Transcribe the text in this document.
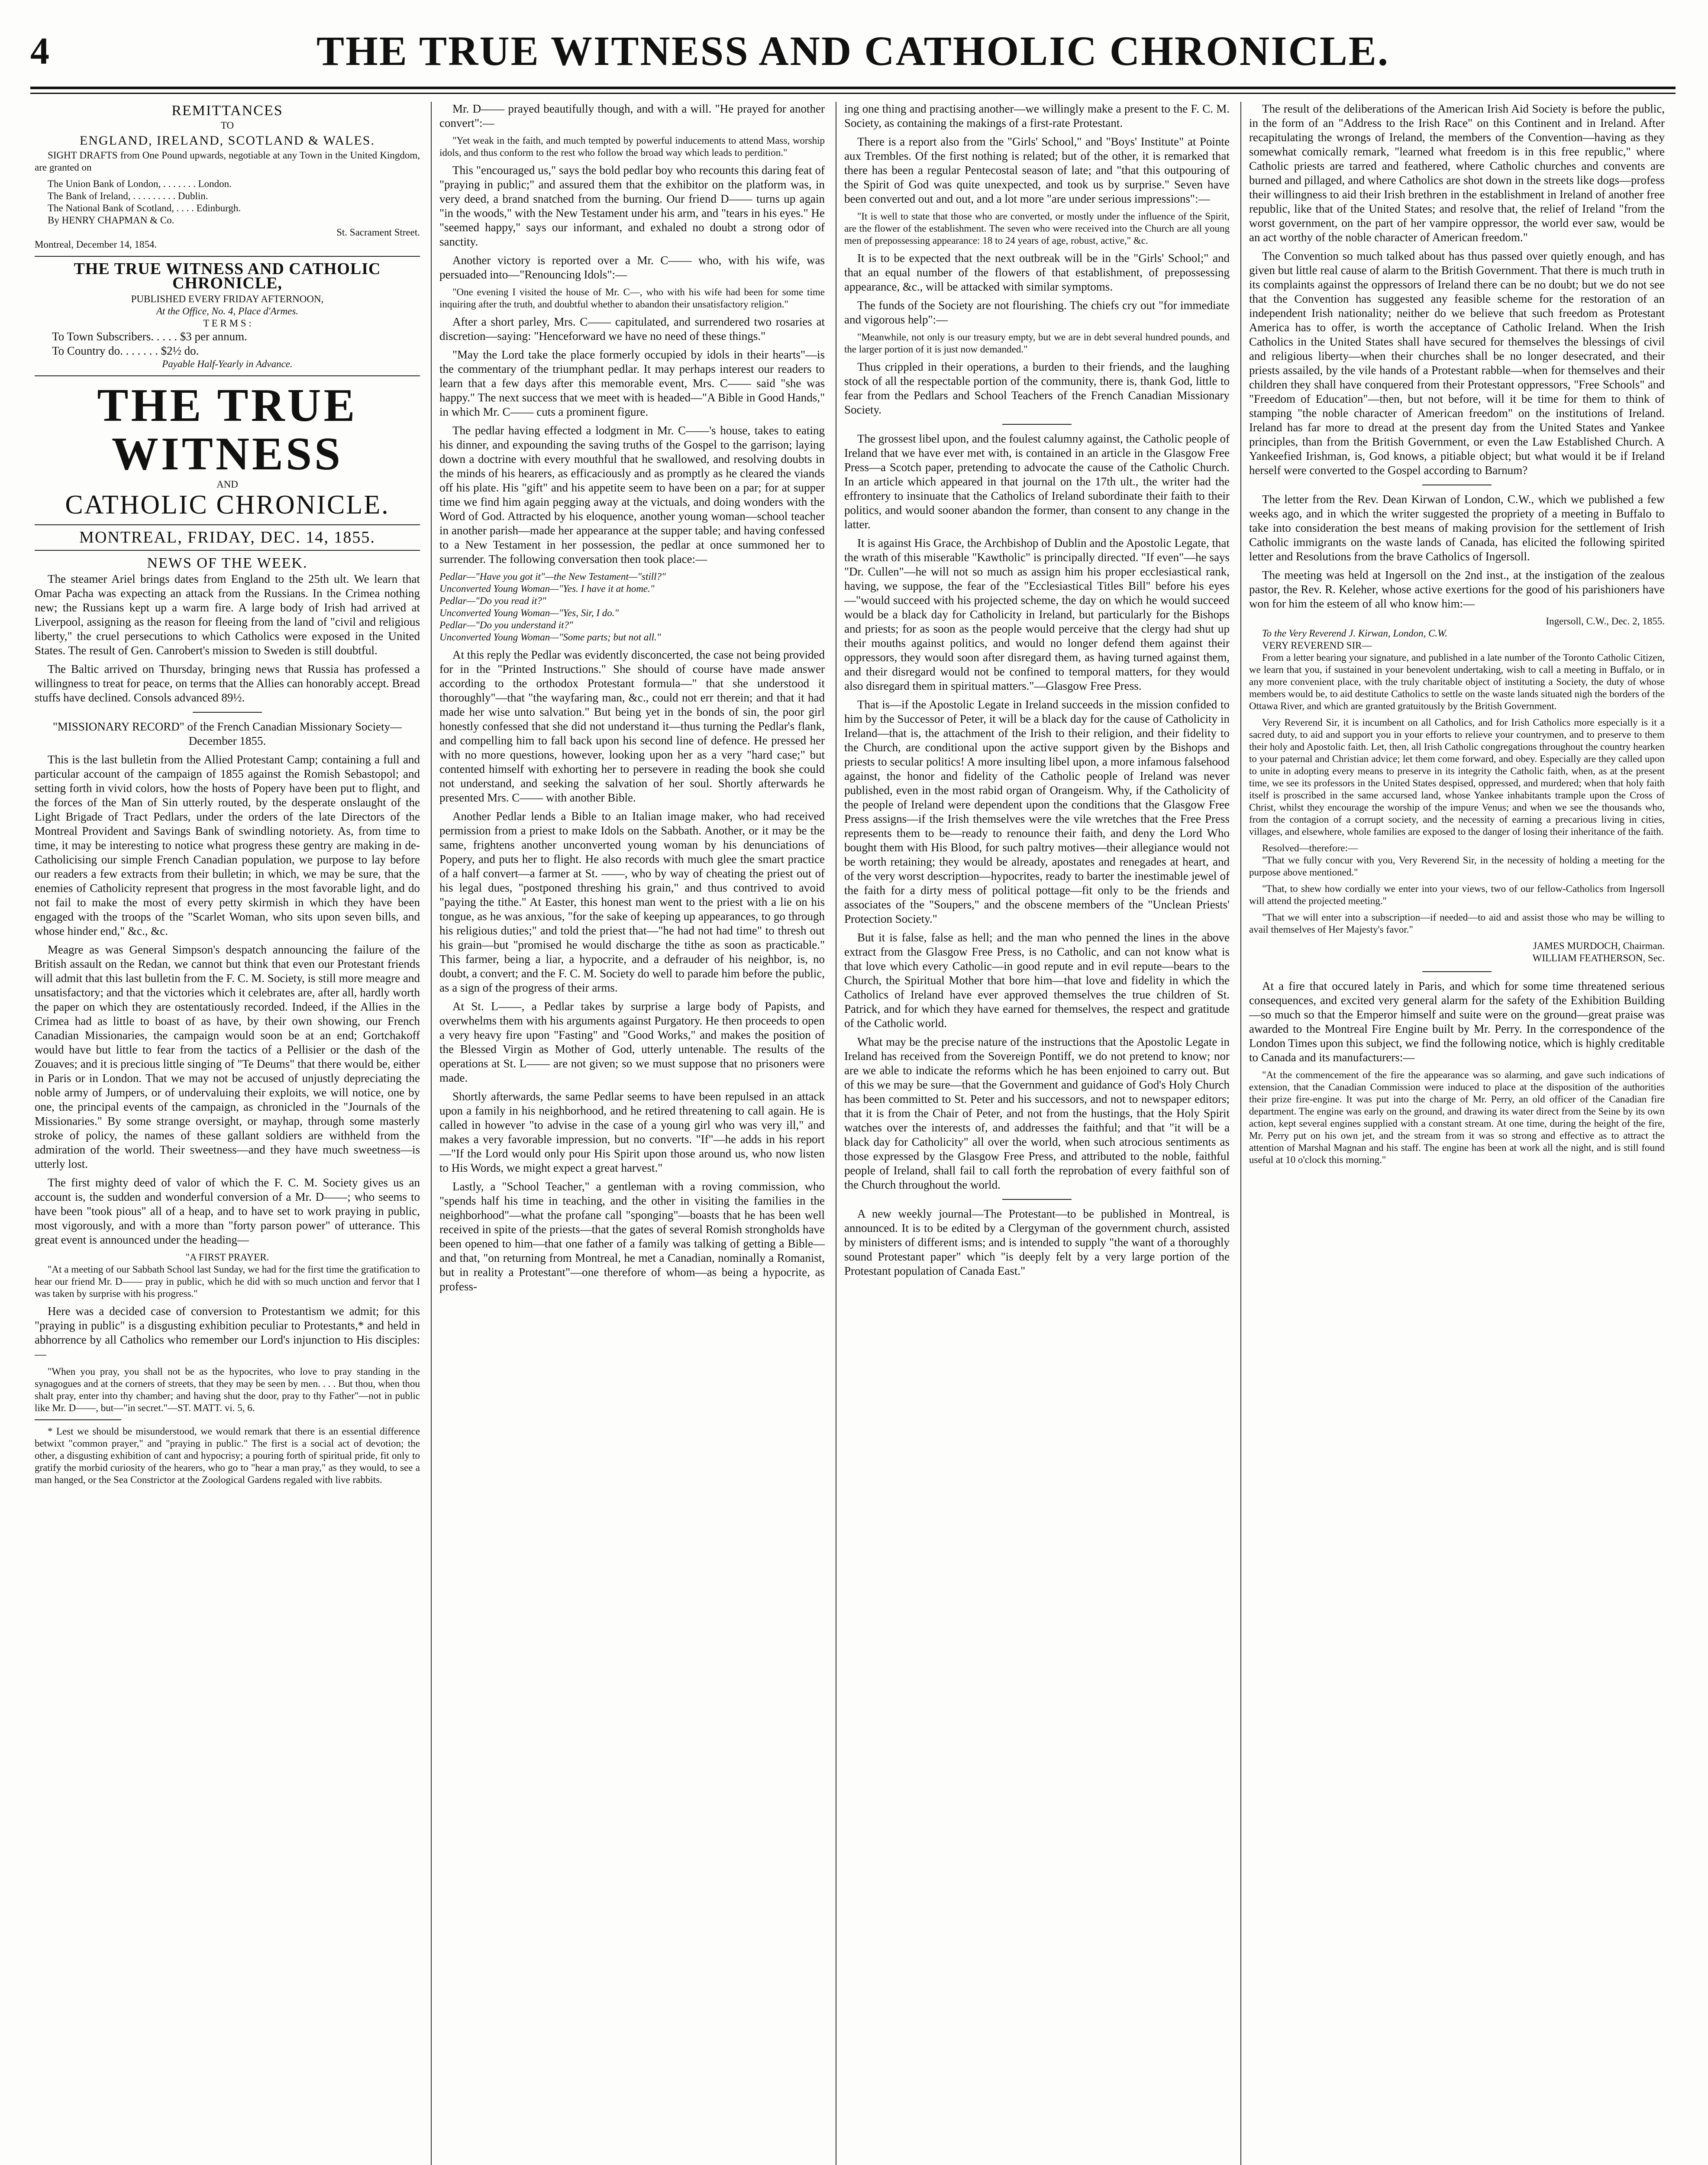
4	THE TRUE WITNESS AND CATHOLIC CHRONICLE.
REMITTANCES
TO
ENGLAND, IRELAND, SCOTLAND & WALES.

SIGHT DRAFTS from One Pound upwards, negotiable at any Town in the United Kingdom, are granted on

The Union Bank of London, . . . . . . . London.
The Bank of Ireland, . . . . . . . . . Dublin.
The National Bank of Scotland, . . . . Edinburgh.
By HENRY CHAPMAN & Co.
St. Sacrament Street.
Montreal, December 14, 1854.
THE TRUE WITNESS AND CATHOLIC CHRONICLE,
PUBLISHED EVERY FRIDAY AFTERNOON,
At the Office, No. 4, Place d'Armes.
T E R M S :
To Town Subscribers. . . . . $3 per annum.
To Country do. . . . . . . $2½ do.
Payable Half-Yearly in Advance.
THE TRUE WITNESS
AND
CATHOLIC CHRONICLE.
MONTREAL, FRIDAY, DEC. 14, 1855.
NEWS OF THE WEEK.

The steamer Ariel brings dates from England to the 25th ult. We learn that Omar Pacha was expecting an attack from the Russians. In the Crimea nothing new; the Russians kept up a warm fire. A large body of Irish had arrived at Liverpool, assigning as the reason for fleeing from the land of "civil and religious liberty," the cruel persecutions to which Catholics were exposed in the United States. The result of Gen. Canrobert's mission to Sweden is still doubtful.

The Baltic arrived on Thursday, bringing news that Russia has professed a willingness to treat for peace, on terms that the Allies can honorably accept. Bread stuffs have declined. Consols advanced 89½.

"MISSIONARY RECORD" of the French Canadian Missionary Society—December 1855.

This is the last bulletin from the Allied Protestant Camp; containing a full and particular account of the campaign of 1855 against the Romish Sebastopol; and setting forth in vivid colors, how the hosts of Popery have been put to flight, and the forces of the Man of Sin utterly routed, by the desperate onslaught of the Light Brigade of Tract Pedlars, under the orders of the late Directors of the Montreal Provident and Savings Bank of swindling notoriety. As, from time to time, it may be interesting to notice what progress these gentry are making in de-Catholicising our simple French Canadian population, we purpose to lay before our readers a few extracts from their bulletin; in which, we may be sure, that the enemies of Catholicity represent that progress in the most favorable light, and do not fail to make the most of every petty skirmish in which they have been engaged with the troops of the "Scarlet Woman, who sits upon seven bills, and whose hinder end," &c., &c.

Meagre as was General Simpson's despatch announcing the failure of the British assault on the Redan, we cannot but think that even our Protestant friends will admit that this last bulletin from the F. C. M. Society, is still more meagre and unsatisfactory; and that the victories which it celebrates are, after all, hardly worth the paper on which they are ostentatiously recorded. Indeed, if the Allies in the Crimea had as little to boast of as have, by their own showing, our French Canadian Missionaries, the campaign would soon be at an end; Gortchakoff would have but little to fear from the tactics of a Pellisier or the dash of the Zouaves; and it is precious little singing of "Te Deums" that there would be, either in Paris or in London. That we may not be accused of unjustly depreciating the noble army of Jumpers, or of undervaluing their exploits, we will notice, one by one, the principal events of the campaign, as chronicled in the "Journals of the Missionaries." By some strange oversight, or mayhap, through some masterly stroke of policy, the names of these gallant soldiers are withheld from the admiration of the world. Their sweetness—and they have much sweetness—is utterly lost.

The first mighty deed of valor of which the F. C. M. Society gives us an account is, the sudden and wonderful conversion of a Mr. D——; who seems to have been "took pious" all of a heap, and to have set to work praying in public, most vigorously, and with a more than "forty parson power" of utterance. This great event is announced under the heading—

"A FIRST PRAYER.

"At a meeting of our Sabbath School last Sunday, we had for the first time the gratification to hear our friend Mr. D—— pray in public, which he did with so much unction and fervor that I was taken by surprise with his progress."

Here was a decided case of conversion to Protestantism we admit; for this "praying in public" is a disgusting exhibition peculiar to Protestants,* and held in abhorrence by all Catholics who remember our Lord's injunction to His disciples:—

"When you pray, you shall not be as the hypocrites, who love to pray standing in the synagogues and at the corners of streets, that they may be seen by men. . . . But thou, when thou shalt pray, enter into thy chamber; and having shut the door, pray to thy Father"—not in public like Mr. D——, but—"in secret."—ST. MATT. vi. 5, 6.

* Lest we should be misunderstood, we would remark that there is an essential difference betwixt "common prayer," and "praying in public." The first is a social act of devotion; the other, a disgusting exhibition of cant and hypocrisy; a pouring forth of spiritual pride, fit only to gratify the morbid curiosity of the hearers, who go to "hear a man pray," as they would, to see a man hanged, or the Sea Constrictor at the Zoological Gardens regaled with live rabbits.

Mr. D—— prayed beautifully though, and with a will. "He prayed for another convert":—

"Yet weak in the faith, and much tempted by powerful inducements to attend Mass, worship idols, and thus conform to the rest who follow the broad way which leads to perdition."

This "encouraged us," says the bold pedlar boy who recounts this daring feat of "praying in public;" and assured them that the exhibitor on the platform was, in very deed, a brand snatched from the burning. Our friend D—— turns up again "in the woods," with the New Testament under his arm, and "tears in his eyes." He "seemed happy," says our informant, and exhaled no doubt a strong odor of sanctity.

Another victory is reported over a Mr. C—— who, with his wife, was persuaded into—"Renouncing Idols":—

"One evening I visited the house of Mr. C—, who with his wife had been for some time inquiring after the truth, and doubtful whether to abandon their unsatisfactory religion."

After a short parley, Mrs. C—— capitulated, and surrendered two rosaries at discretion—saying: "Henceforward we have no need of these things."

"May the Lord take the place formerly occupied by idols in their hearts"—is the commentary of the triumphant pedlar. It may perhaps interest our readers to learn that a few days after this memorable event, Mrs. C—— said "she was happy." The next success that we meet with is headed—"A Bible in Good Hands," in which Mr. C—— cuts a prominent figure.

The pedlar having effected a lodgment in Mr. C——'s house, takes to eating his dinner, and expounding the saving truths of the Gospel to the garrison; laying down a doctrine with every mouthful that he swallowed, and resolving doubts in the minds of his hearers, as efficaciously and as promptly as he cleared the viands off his plate. His "gift" and his appetite seem to have been on a par; for at supper time we find him again pegging away at the victuals, and doing wonders with the Word of God. Attracted by his eloquence, another young woman—school teacher in another parish—made her appearance at the supper table; and having confessed to a New Testament in her possession, the pedlar at once summoned her to surrender. The following conversation then took place:—

Pedlar—"Have you got it"—the New Testament—"still?"
Unconverted Young Woman—"Yes. I have it at home."
Pedlar—"Do you read it?"
Unconverted Young Woman—"Yes, Sir, I do."
Pedlar—"Do you understand it?"
Unconverted Young Woman—"Some parts; but not all."

At this reply the Pedlar was evidently disconcerted, the case not being provided for in the "Printed Instructions." She should of course have made answer according to the orthodox Protestant formula—" that she understood it thoroughly"—that "the wayfaring man, &c., could not err therein; and that it had made her wise unto salvation." But being yet in the bonds of sin, the poor girl honestly confessed that she did not understand it—thus turning the Pedlar's flank, and compelling him to fall back upon his second line of defence. He pressed her with no more questions, however, looking upon her as a very "hard case;" but contented himself with exhorting her to persevere in reading the book she could not understand, and seeking the salvation of her soul. Shortly afterwards he presented Mrs. C—— with another Bible.

Another Pedlar lends a Bible to an Italian image maker, who had received permission from a priest to make Idols on the Sabbath. Another, or it may be the same, frightens another unconverted young woman by his denunciations of Popery, and puts her to flight. He also records with much glee the smart practice of a half convert—a farmer at St. ——, who by way of cheating the priest out of his legal dues, "postponed threshing his grain," and thus contrived to avoid "paying the tithe." At Easter, this honest man went to the priest with a lie on his tongue, as he was anxious, "for the sake of keeping up appearances, to go through his religious duties;" and told the priest that—"he had not had time" to thresh out his grain—but "promised he would discharge the tithe as soon as practicable." This farmer, being a liar, a hypocrite, and a defrauder of his neighbor, is, no doubt, a convert; and the F. C. M. Society do well to parade him before the public, as a sign of the progress of their arms.

At St. L——, a Pedlar takes by surprise a large body of Papists, and overwhelms them with his arguments against Purgatory. He then proceeds to open a very heavy fire upon "Fasting" and "Good Works," and makes the position of the Blessed Virgin as Mother of God, utterly untenable. The results of the operations at St. L—— are not given; so we must suppose that no prisoners were made.

Shortly afterwards, the same Pedlar seems to have been repulsed in an attack upon a family in his neighborhood, and he retired threatening to call again. He is called in however "to advise in the case of a young girl who was very ill," and makes a very favorable impression, but no converts. "If"—he adds in his report—"If the Lord would only pour His Spirit upon those around us, who now listen to His Words, we might expect a great harvest."

Lastly, a "School Teacher," a gentleman with a roving commission, who "spends half his time in teaching, and the other in visiting the families in the neighborhood"—what the profane call "sponging"—boasts that he has been well received in spite of the priests—that the gates of several Romish strongholds have been opened to him—that one father of a family was talking of getting a Bible—and that, "on returning from Montreal, he met a Canadian, nominally a Romanist, but in reality a Protestant"—one therefore of whom—as being a hypocrite, as profess-

ing one thing and practising another—we willingly make a present to the F. C. M. Society, as containing the makings of a first-rate Protestant.

There is a report also from the "Girls' School," and "Boys' Institute" at Pointe aux Trembles. Of the first nothing is related; but of the other, it is remarked that there has been a regular Pentecostal season of late; and "that this outpouring of the Spirit of God was quite unexpected, and took us by surprise." Seven have been converted out and out, and a lot more "are under serious impressions":—

"It is well to state that those who are converted, or mostly under the influence of the Spirit, are the flower of the establishment. The seven who were received into the Church are all young men of prepossessing appearance: 18 to 24 years of age, robust, active," &c.

It is to be expected that the next outbreak will be in the "Girls' School;" and that an equal number of the flowers of that establishment, of prepossessing appearance, &c., will be attacked with similar symptoms.

The funds of the Society are not flourishing. The chiefs cry out "for immediate and vigorous help":—

"Meanwhile, not only is our treasury empty, but we are in debt several hundred pounds, and the larger portion of it is just now demanded."

Thus crippled in their operations, a burden to their friends, and the laughing stock of all the respectable portion of the community, there is, thank God, little to fear from the Pedlars and School Teachers of the French Canadian Missionary Society.

The grossest libel upon, and the foulest calumny against, the Catholic people of Ireland that we have ever met with, is contained in an article in the Glasgow Free Press—a Scotch paper, pretending to advocate the cause of the Catholic Church. In an article which appeared in that journal on the 17th ult., the writer had the effrontery to insinuate that the Catholics of Ireland subordinate their faith to their politics, and would sooner abandon the former, than consent to any change in the latter.

It is against His Grace, the Archbishop of Dublin and the Apostolic Legate, that the wrath of this miserable "Kawtholic" is principally directed. "If even"—he says "Dr. Cullen"—he will not so much as assign him his proper ecclesiastical rank, having, we suppose, the fear of the "Ecclesiastical Titles Bill" before his eyes—"would succeed with his projected scheme, the day on which he would succeed would be a black day for Catholicity in Ireland, but particularly for the Bishops and priests; for as soon as the people would perceive that the clergy had shut up their mouths against politics, and would no longer defend them against their oppressors, they would soon after disregard them, as having turned against them, and their disregard would not be confined to temporal matters, for they would also disregard them in spiritual matters."—Glasgow Free Press.

That is—if the Apostolic Legate in Ireland succeeds in the mission confided to him by the Successor of Peter, it will be a black day for the cause of Catholicity in Ireland—that is, the attachment of the Irish to their religion, and their fidelity to the Church, are conditional upon the active support given by the Bishops and priests to secular politics! A more insulting libel upon, a more infamous falsehood against, the honor and fidelity of the Catholic people of Ireland was never published, even in the most rabid organ of Orangeism. Why, if the Catholicity of the people of Ireland were dependent upon the conditions that the Glasgow Free Press assigns—if the Irish themselves were the vile wretches that the Free Press represents them to be—ready to renounce their faith, and deny the Lord Who bought them with His Blood, for such paltry motives—their allegiance would not be worth retaining; they would be already, apostates and renegades at heart, and of the very worst description—hypocrites, ready to barter the inestimable jewel of the faith for a dirty mess of political pottage—fit only to be the friends and associates of the "Soupers," and the obscene members of the "Unclean Priests' Protection Society."

But it is false, false as hell; and the man who penned the lines in the above extract from the Glasgow Free Press, is no Catholic, and can not know what is that love which every Catholic—in good repute and in evil repute—bears to the Church, the Spiritual Mother that bore him—that love and fidelity in which the Catholics of Ireland have ever approved themselves the true children of St. Patrick, and for which they have earned for themselves, the respect and gratitude of the Catholic world.

What may be the precise nature of the instructions that the Apostolic Legate in Ireland has received from the Sovereign Pontiff, we do not pretend to know; nor are we able to indicate the reforms which he has been enjoined to carry out. But of this we may be sure—that the Government and guidance of God's Holy Church has been committed to St. Peter and his successors, and not to newspaper editors; that it is from the Chair of Peter, and not from the hustings, that the Holy Spirit watches over the interests of, and addresses the faithful; and that "it will be a black day for Catholicity" all over the world, when such atrocious sentiments as those expressed by the Glasgow Free Press, and attributed to the noble, faithful people of Ireland, shall fail to call forth the reprobation of every faithful son of the Church throughout the world.

A new weekly journal—The Protestant—to be published in Montreal, is announced. It is to be edited by a Clergyman of the government church, assisted by ministers of different isms; and is intended to supply "the want of a thoroughly sound Protestant paper" which "is deeply felt by a very large portion of the Protestant population of Canada East."

The result of the deliberations of the American Irish Aid Society is before the public, in the form of an "Address to the Irish Race" on this Continent and in Ireland. After recapitulating the wrongs of Ireland, the members of the Convention—having as they somewhat comically remark, "learned what freedom is in this free republic," where Catholic priests are tarred and feathered, where Catholic churches and convents are burned and pillaged, and where Catholics are shot down in the streets like dogs—profess their willingness to aid their Irish brethren in the establishment in Ireland of another free republic, like that of the United States; and resolve that, the relief of Ireland "from the worst government, on the part of her vampire oppressor, the world ever saw, would be an act worthy of the noble character of American freedom."

The Convention so much talked about has thus passed over quietly enough, and has given but little real cause of alarm to the British Government. That there is much truth in its complaints against the oppressors of Ireland there can be no doubt; but we do not see that the Convention has suggested any feasible scheme for the restoration of an independent Irish nationality; neither do we believe that such freedom as Protestant America has to offer, is worth the acceptance of Catholic Ireland. When the Irish Catholics in the United States shall have secured for themselves the blessings of civil and religious liberty—when their churches shall be no longer desecrated, and their priests assailed, by the vile hands of a Protestant rabble—when for themselves and their children they shall have conquered from their Protestant oppressors, "Free Schools" and "Freedom of Education"—then, but not before, will it be time for them to think of stamping "the noble character of American freedom" on the institutions of Ireland. Ireland has far more to dread at the present day from the United States and Yankee principles, than from the British Government, or even the Law Established Church. A Yankeefied Irishman, is, God knows, a pitiable object; but what would it be if Ireland herself were converted to the Gospel according to Barnum?

The letter from the Rev. Dean Kirwan of London, C.W., which we published a few weeks ago, and in which the writer suggested the propriety of a meeting in Buffalo to take into consideration the best means of making provision for the settlement of Irish Catholic immigrants on the waste lands of Canada, has elicited the following spirited letter and Resolutions from the brave Catholics of Ingersoll.

The meeting was held at Ingersoll on the 2nd inst., at the instigation of the zealous pastor, the Rev. R. Keleher, whose active exertions for the good of his parishioners have won for him the esteem of all who know him:—

Ingersoll, C.W., Dec. 2, 1855.
To the Very Reverend J. Kirwan, London, C.W.
VERY REVEREND SIR—

From a letter bearing your signature, and published in a late number of the Toronto Catholic Citizen, we learn that you, if sustained in your benevolent undertaking, wish to call a meeting in Buffalo, or in any more convenient place, with the truly charitable object of instituting a Society, the duty of whose members would be, to aid destitute Catholics to settle on the waste lands situated nigh the borders of the Ottawa River, and which are granted gratuitously by the British Government.

Very Reverend Sir, it is incumbent on all Catholics, and for Irish Catholics more especially is it a sacred duty, to aid and support you in your efforts to relieve your countrymen, and to preserve to them their holy and Apostolic faith. Let, then, all Irish Catholic congregations throughout the country hearken to your paternal and Christian advice; let them come forward, and obey. Especially are they called upon to unite in adopting every means to preserve in its integrity the Catholic faith, when, as at the present time, we see its professors in the United States despised, oppressed, and murdered; when that holy faith itself is proscribed in the same accursed land, whose Yankee inhabitants trample upon the Cross of Christ, whilst they encourage the worship of the impure Venus; and when we see the thousands who, from the contagion of a corrupt society, and the necessity of earning a precarious living in cities, villages, and elsewhere, whole families are exposed to the danger of losing their inheritance of the faith.

Resolved—therefore:—

"That we fully concur with you, Very Reverend Sir, in the necessity of holding a meeting for the purpose above mentioned."

"That, to shew how cordially we enter into your views, two of our fellow-Catholics from Ingersoll will attend the projected meeting."

"That we will enter into a subscription—if needed—to aid and assist those who may be willing to avail themselves of Her Majesty's favor."

JAMES MURDOCH, Chairman.
WILLIAM FEATHERSON, Sec.

At a fire that occured lately in Paris, and which for some time threatened serious consequences, and excited very general alarm for the safety of the Exhibition Building—so much so that the Emperor himself and suite were on the ground—great praise was awarded to the Montreal Fire Engine built by Mr. Perry. In the correspondence of the London Times upon this subject, we find the following notice, which is highly creditable to Canada and its manufacturers:—

"At the commencement of the fire the appearance was so alarming, and gave such indications of extension, that the Canadian Commission were induced to place at the disposition of the authorities their prize fire-engine. It was put into the charge of Mr. Perry, an old officer of the Canadian fire department. The engine was early on the ground, and drawing its water direct from the Seine by its own action, kept several engines supplied with a constant stream. At one time, during the height of the fire, Mr. Perry put on his own jet, and the stream from it was so strong and effective as to attract the attention of Marshal Magnan and his staff. The engine has been at work all the night, and is still found useful at 10 o'clock this morning."
